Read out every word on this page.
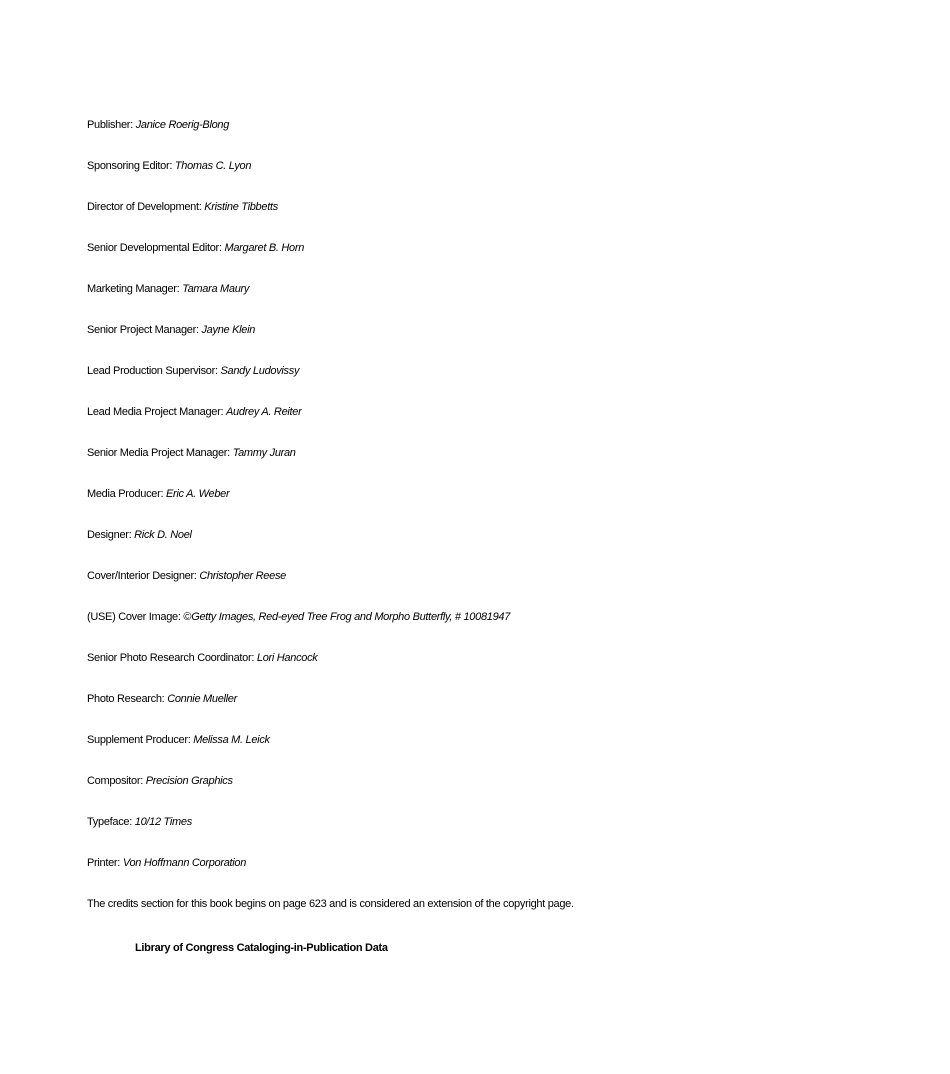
Publisher: Janice Roerig-Blong
Sponsoring Editor: Thomas C. Lyon
Director of Development: Kristine Tibbetts
Senior Developmental Editor: Margaret B. Horn
Marketing Manager: Tamara Maury
Senior Project Manager: Jayne Klein
Lead Production Supervisor: Sandy Ludovissy
Lead Media Project Manager: Audrey A. Reiter
Senior Media Project Manager: Tammy Juran
Media Producer: Eric A. Weber
Designer: Rick D. Noel
Cover/Interior Designer: Christopher Reese
(USE) Cover Image: ©Getty Images, Red-eyed Tree Frog and Morpho Butterfly, # 10081947
Senior Photo Research Coordinator: Lori Hancock
Photo Research: Connie Mueller
Supplement Producer: Melissa M. Leick
Compositor: Precision Graphics
Typeface: 10/12 Times
Printer: Von Hoffmann Corporation

The credits section for this book begins on page 623 and is considered an extension of the copyright page.

Library of Congress Cataloging-in-Publication Data
